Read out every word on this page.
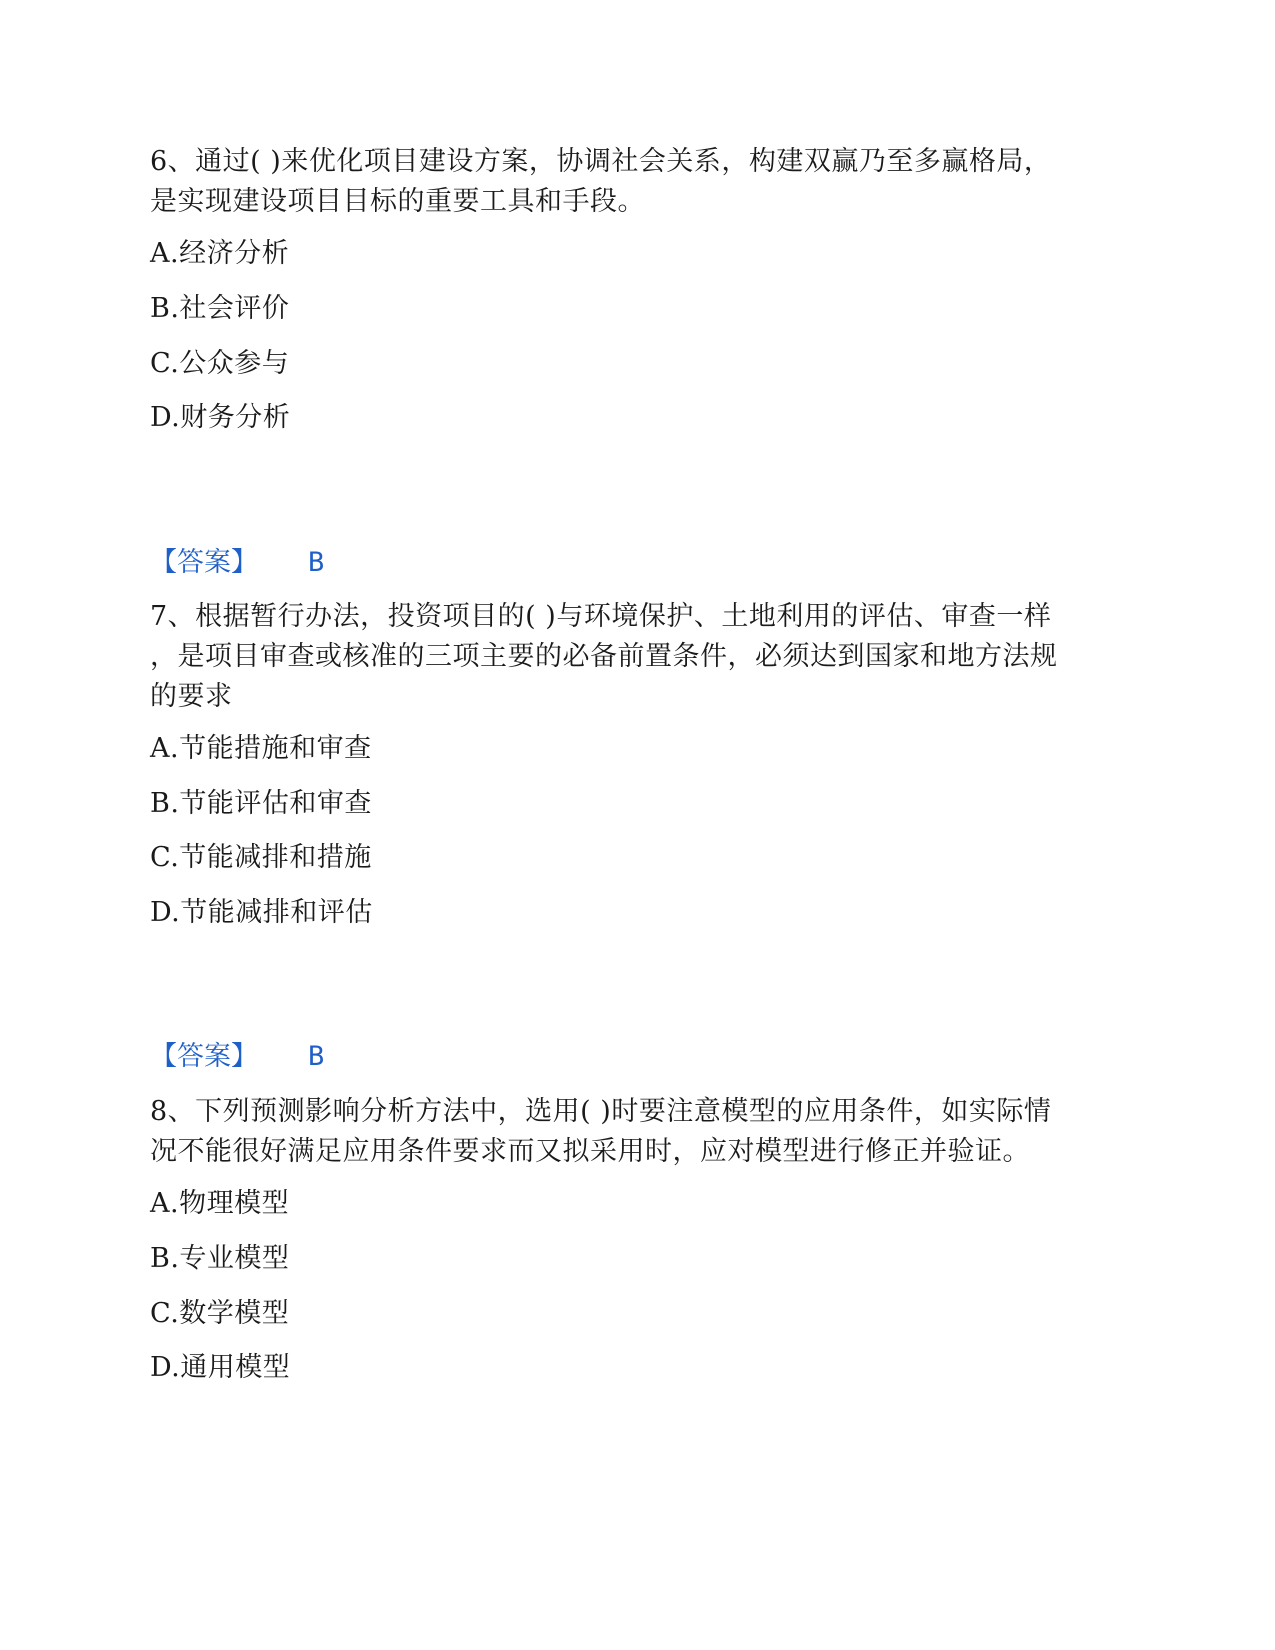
6、通过( )来优化项目建设方案，协调社会关系，构建双赢乃至多赢格局，
是实现建设项目目标的重要工具和手段。
A.经济分析
B.社会评价
C.公众参与
D.财务分析
【答案】 B
7、根据暂行办法，投资项目的( )与环境保护、土地利用的评估、审查一样
，是项目审查或核准的三项主要的必备前置条件，必须达到国家和地方法规
的要求
A.节能措施和审查
B.节能评估和审查
C.节能减排和措施
D.节能减排和评估
【答案】 B
8、下列预测影响分析方法中，选用( )时要注意模型的应用条件，如实际情
况不能很好满足应用条件要求而又拟采用时，应对模型进行修正并验证。
A.物理模型
B.专业模型
C.数学模型
D.通用模型
